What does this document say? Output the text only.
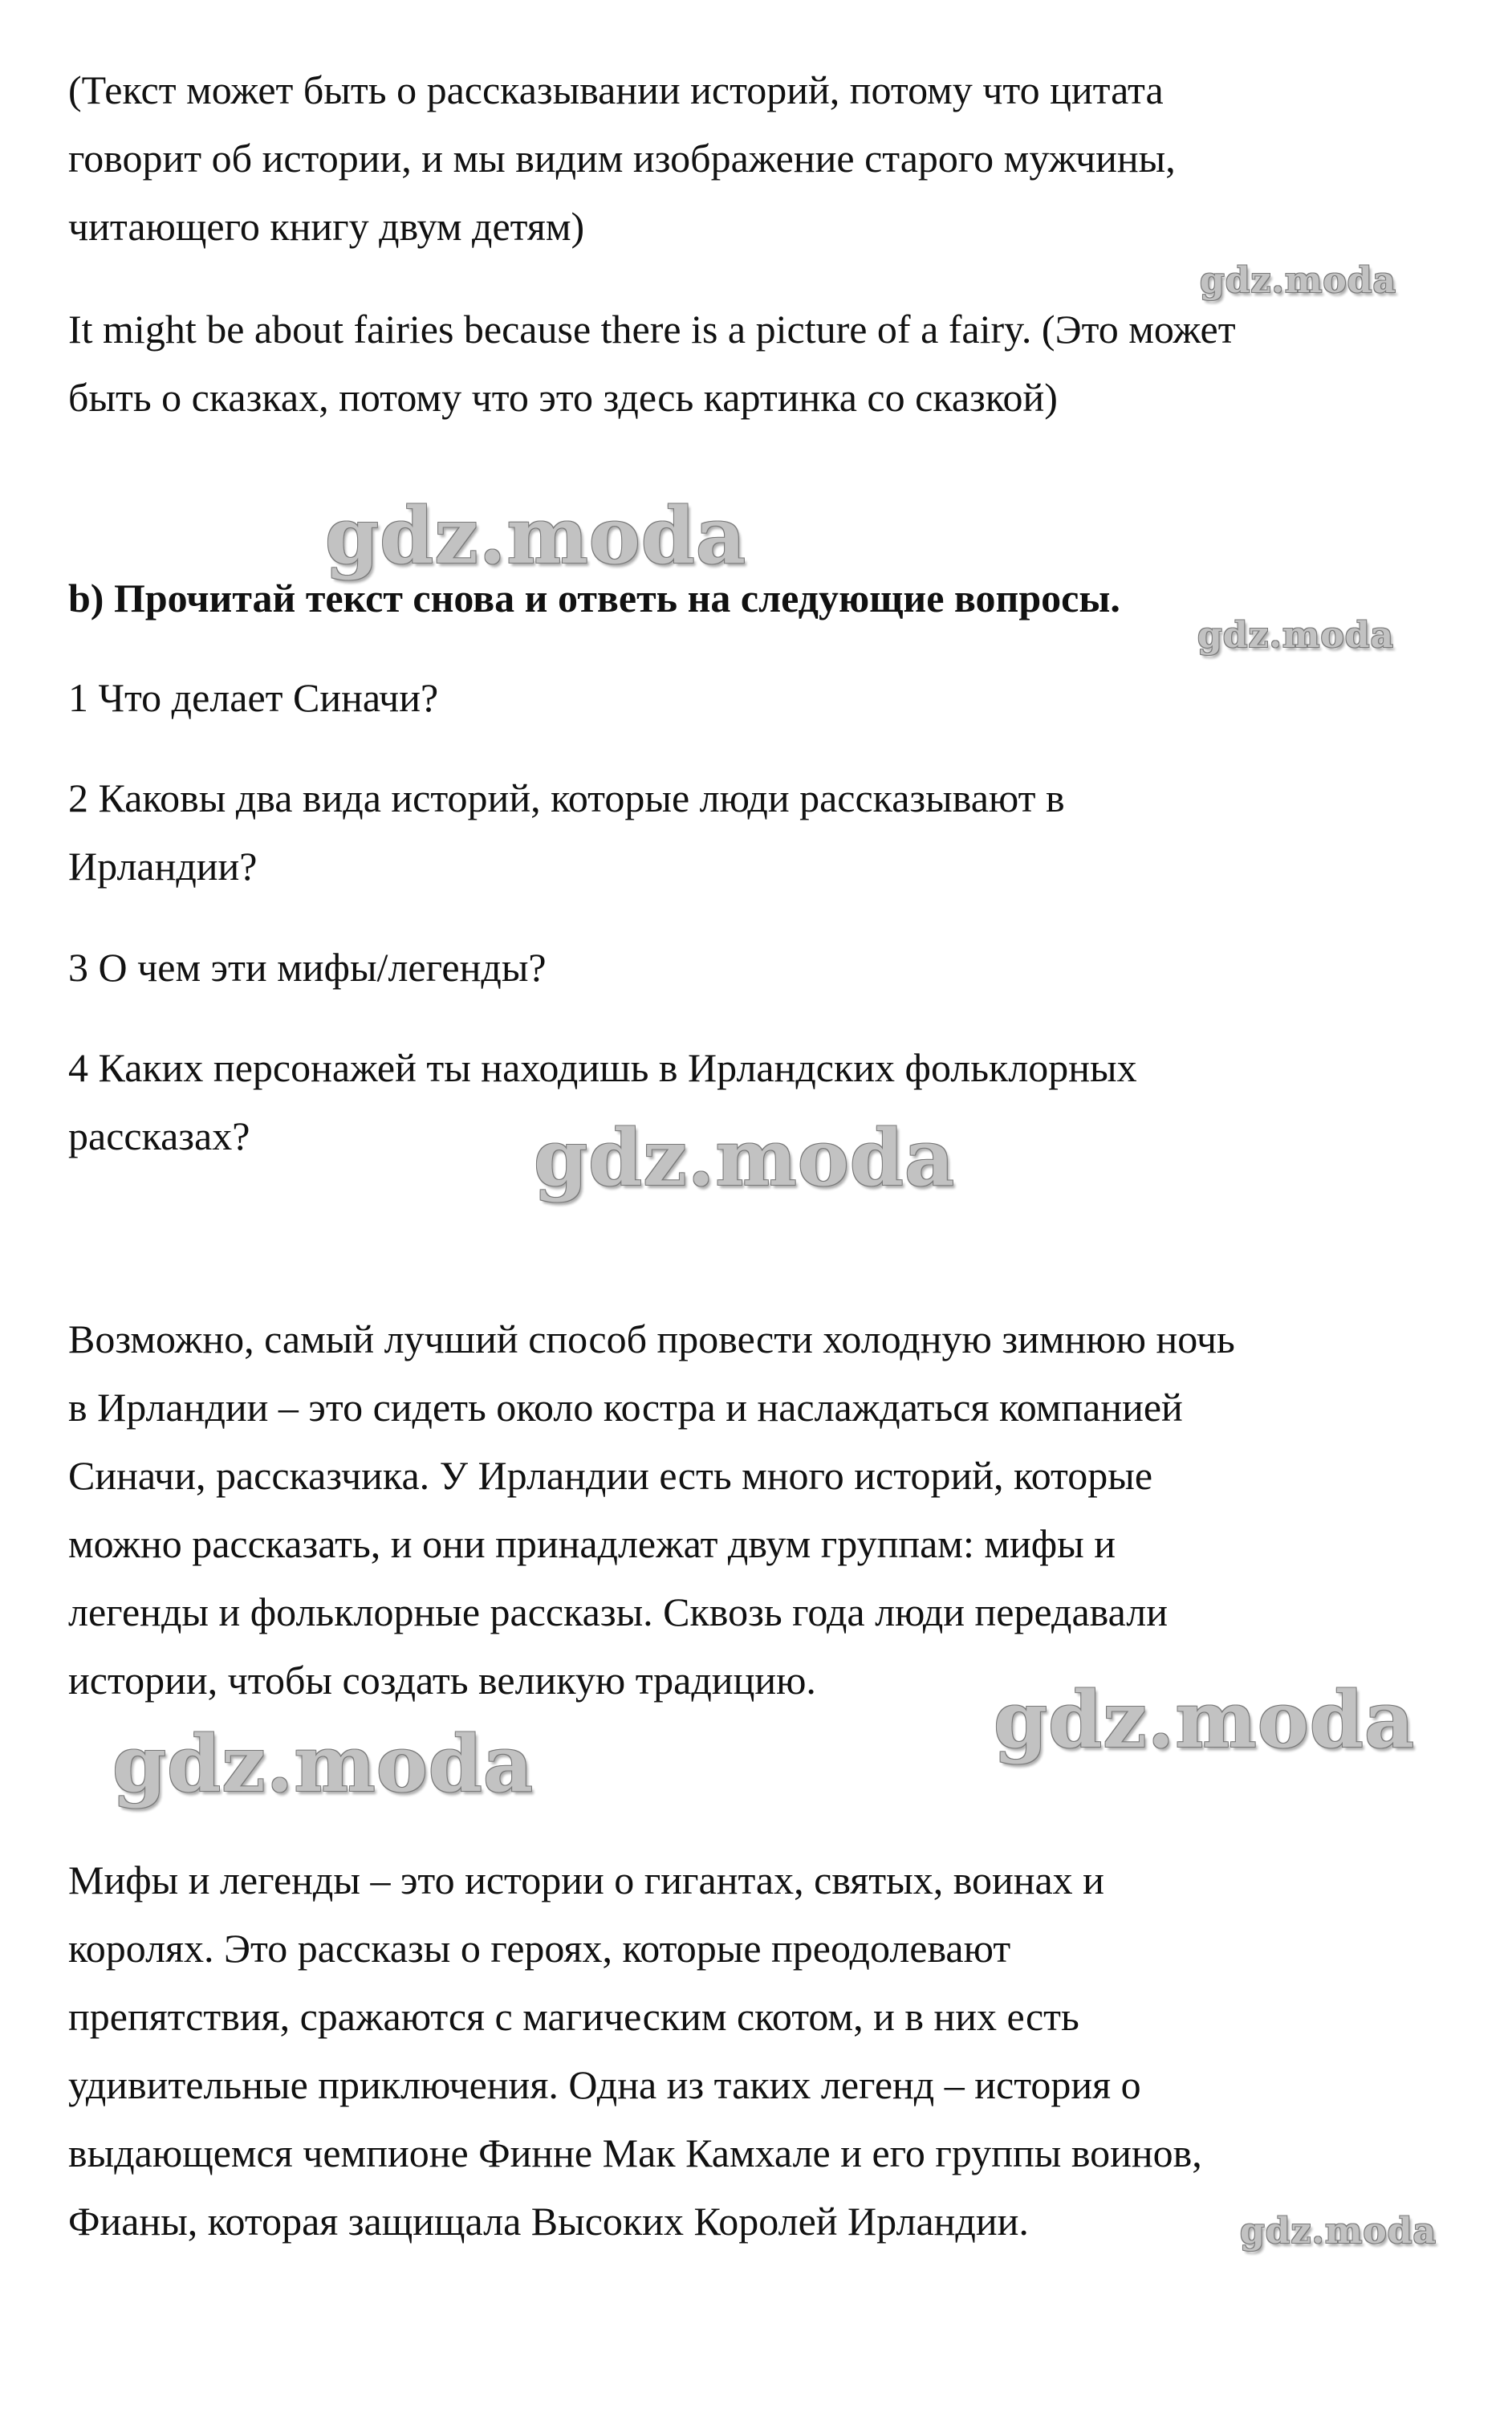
(Текст может быть о рассказывании историй, потому что цитата
говорит об истории, и мы видим изображение старого мужчины,
читающего книгу двум детям)
It might be about fairies because there is a picture of a fairy. (Это может
быть о сказках, потому что это здесь картинка со сказкой)
b) Прочитай текст снова и ответь на следующие вопросы.
1 Что делает Синачи?
2 Каковы два вида историй, которые люди рассказывают в
Ирландии?
3 О чем эти мифы/легенды?
4 Каких персонажей ты находишь в Ирландских фольклорных
рассказах?
Возможно, самый лучший способ провести холодную зимнюю ночь
в Ирландии – это сидеть около костра и наслаждаться компанией
Синачи, рассказчика. У Ирландии есть много историй, которые
можно рассказать, и они принадлежат двум группам: мифы и
легенды и фольклорные рассказы. Сквозь года люди передавали
истории, чтобы создать великую традицию.
Мифы и легенды – это истории о гигантах, святых, воинах и
королях. Это рассказы о героях, которые преодолевают
препятствия, сражаются с магическим скотом, и в них есть
удивительные приключения. Одна из таких легенд – история о
выдающемся чемпионе Финне Мак Камхале и его группы воинов,
Фианы, которая защищала Высоких Королей Ирландии.
gdz.moda
gdz.moda
gdz.moda
gdz.moda
gdz.moda
gdz.moda
gdz.moda
